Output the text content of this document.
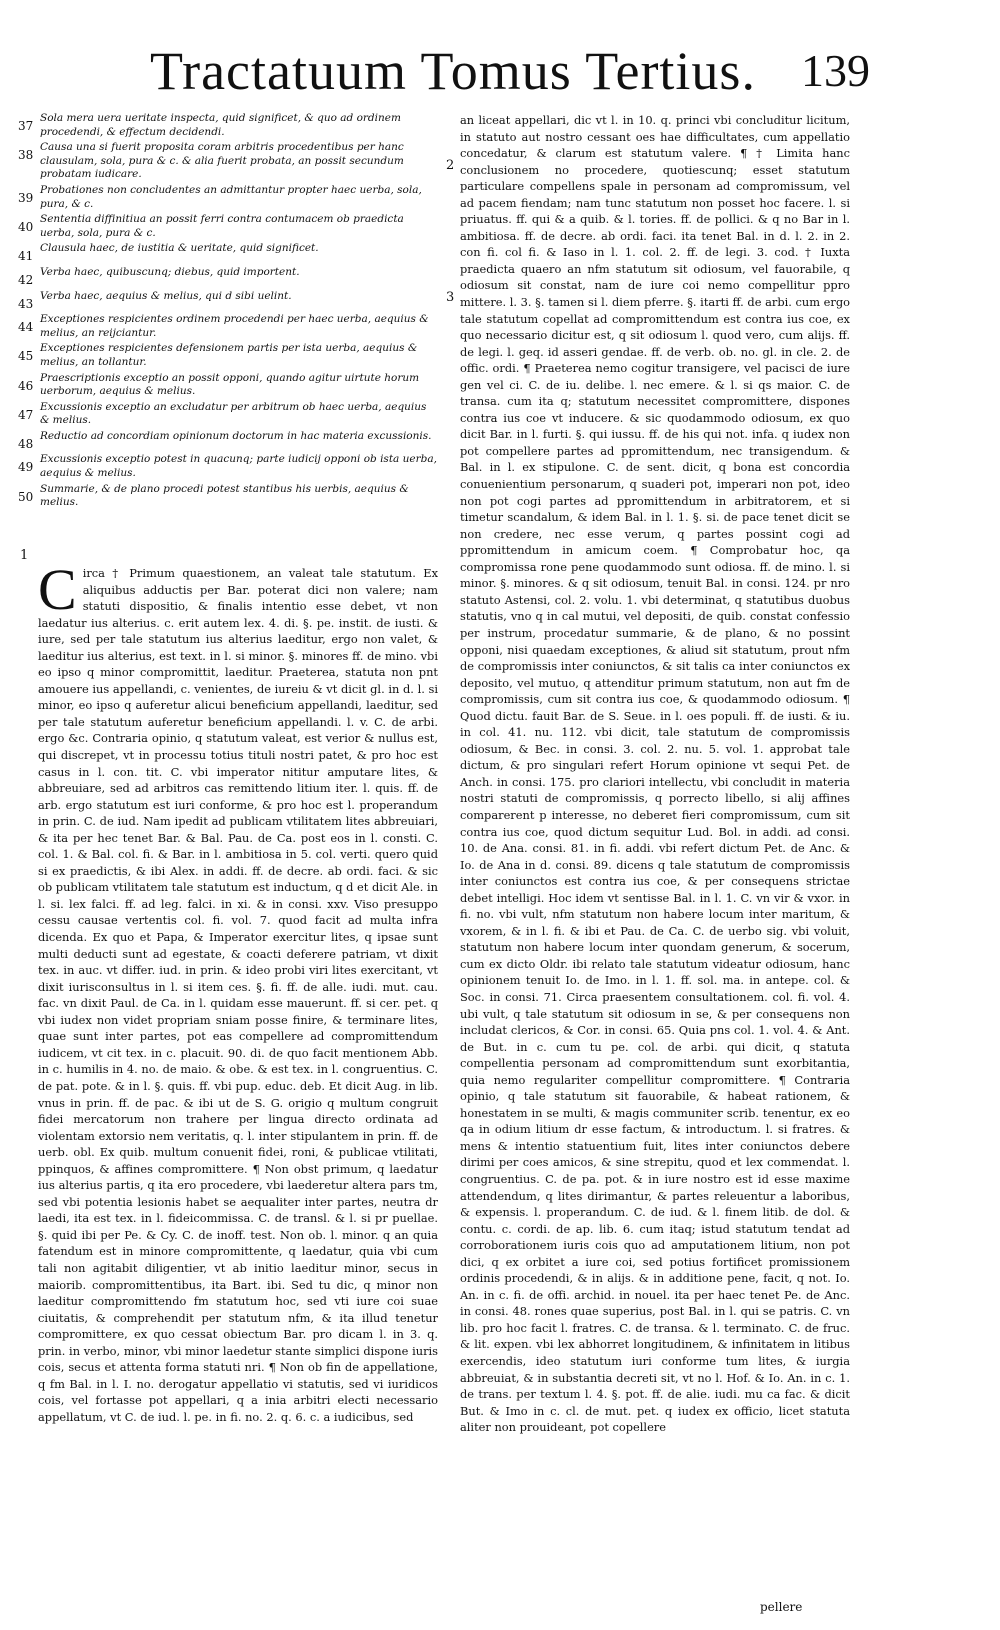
Tractatuum Tomus Tertius. 139
37
Sola mera uera ueritate inspecta, quid significet, & quo ad ordinem procedendi, & effectum decidendi.
38
Causa una si fuerit proposita coram arbitris procedentibus per hanc clausulam, sola, pura & c. & alia fuerit probata, an possit secundum probatam iudicare.
39
Probationes non concludentes an admittantur propter haec uerba, sola, pura, & c.
40
Sententia diffinitiua an possit ferri contra contumacem ob praedicta uerba, sola, pura & c.
41
Clausula haec, de iustitia & ueritate, quid significet.
42
Verba haec, quibuscunq; diebus, quid importent.
43
Verba haec, aequius & melius, qui d sibi uelint.
44
Exceptiones respicientes ordinem procedendi per haec uerba, aequius & melius, an reijciantur.
45
Exceptiones respicientes defensionem partis per ista uerba, aequius & melius, an tollantur.
46
Praescriptionis exceptio an possit opponi, quando agitur uirtute horum uerborum, aequius & melius.
47
Excussionis exceptio an excludatur per arbitrum ob haec uerba, aequius & melius.
48
Reductio ad concordiam opinionum doctorum in hac materia excussionis.
49
Excussionis exceptio potest in quacunq; parte iudicij opponi ob ista uerba, aequius & melius.
50
Summarie, & de plano procedi potest stantibus his uerbis, aequius & melius.
1
C irca † Primum quaestionem, an valeat tale statutum. Ex aliquibus adductis per Bar. poterat dici non valere; nam statuti dispositio, & finalis intentio esse debet, vt non laedatur ius alterius. c. erit autem lex. 4. di. §. pe. instit. de iusti. & iure, sed per tale statutum ius alterius laeditur, ergo non valet, & laeditur ius alterius, est text. in l. si minor. §. minores ff. de mino. vbi eo ipso q minor compromittit, laeditur. Praeterea, statuta non pnt amouere ius appellandi, c. venientes, de iureiu & vt dicit gl. in d. l. si minor, eo ipso q auferetur alicui beneficium appellandi, laeditur, sed per tale statutum auferetur beneficium appellandi. l. v. C. de arbi. ergo &c. Contraria opinio, q statutum valeat, est verior & nullus est, qui discrepet, vt in processu totius tituli nostri patet, & pro hoc est casus in l. con. tit. C. vbi imperator nititur amputare lites, & abbreuiare, sed ad arbitros cas remittendo litium iter. l. quis. ff. de arb. ergo statutum est iuri conforme, & pro hoc est l. properandum in prin. C. de iud. Nam ipedit ad publicam vtilitatem lites abbreuiari, & ita per hec tenet Bar. & Bal. Pau. de Ca. post eos in l. consti. C. col. 1. & Bal. col. fi. & Bar. in l. ambitiosa in 5. col. verti. quero quid si ex praedictis, & ibi Alex. in addi. ff. de decre. ab ordi. faci. & sic ob publicam vtilitatem tale statutum est inductum, q d et dicit Ale. in l. si. lex falci. ff. ad leg. falci. in xi. & in consi. xxv. Viso presuppo cessu causae vertentis col. fi. vol. 7. quod facit ad multa infra dicenda. Ex quo et Papa, & Imperator exercitur lites, q ipsae sunt multi deducti sunt ad egestate, & coacti deferere patriam, vt dixit tex. in auc. vt differ. iud. in prin. & ideo probi viri lites exercitant, vt dixit iurisconsultus in l. si item ces. §. fi. ff. de alle. iudi. mut. cau. fac. vn dixit Paul. de Ca. in l. quidam esse mauerunt. ff. si cer. pet. q vbi iudex non videt propriam sniam posse finire, & terminare lites, quae sunt inter partes, pot eas compellere ad compromittendum iudicem, vt cit tex. in c. placuit. 90. di. de quo facit mentionem Abb. in c. humilis in 4. no. de maio. & obe. & est tex. in l. congruentius. C. de pat. pote. & in l. §. quis. ff. vbi pup. educ. deb. Et dicit Aug. in lib. vnus in prin. ff. de pac. & ibi ut de S. G. origio q multum congruit fidei mercatorum non trahere per lingua directo ordinata ad violentam extorsio nem veritatis, q. l. inter stipulantem in prin. ff. de uerb. obl. Ex quib. multum conuenit fidei, roni, & publicae vtilitati, ppinquos, & affines compromittere. ¶ Non obst primum, q laedatur ius alterius partis, q ita ero procedere, vbi laederetur altera pars tm, sed vbi potentia lesionis habet se aequaliter inter partes, neutra dr laedi, ita est tex. in l. fideicommissa. C. de transl. & l. si pr puellae. §. quid ibi per Pe. & Cy. C. de inoff. test. Non ob. l. minor. q an quia fatendum est in minore compromittente, q laedatur, quia vbi cum tali non agitabit diligentier, vt ab initio laeditur minor, secus in maiorib. compromittentibus, ita Bart. ibi. Sed tu dic, q minor non laeditur compromittendo fm statutum hoc, sed vti iure coi suae ciuitatis, & comprehendit per statutum nfm, & ita illud tenetur compromittere, ex quo cessat obiectum Bar. pro dicam l. in 3. q. prin. in verbo, minor, vbi minor laedetur stante simplici dispone iuris cois, secus et attenta forma statuti nri. ¶ Non ob fin de appellatione, q fm Bal. in l. I. no. derogatur appellatio vi statutis, sed vi iuridicos cois, vel fortasse pot appellari, q a inia arbitri electi necessario appellatum, vt C. de iud. l. pe. in fi. no. 2. q. 6. c. a iudicibus, sed
2
3
an liceat appellari, dic vt l. in 10. q. princi vbi concluditur licitum, in statuto aut nostro cessant oes hae difficultates, cum appellatio concedatur, & clarum est statutum valere. ¶ † Limita hanc conclusionem no procedere, quotiescunq; esset statutum particulare compellens spale in personam ad compromissum, vel ad pacem fiendam; nam tunc statutum non posset hoc facere. l. si priuatus. ff. qui & a quib. & l. tories. ff. de pollici. & q no Bar in l. ambitiosa. ff. de decre. ab ordi. faci. ita tenet Bal. in d. l. 2. in 2. con fi. col fi. & Iaso in l. 1. col. 2. ff. de legi. 3. cod. † Iuxta praedicta quaero an nfm statutum sit odiosum, vel fauorabile, q odiosum sit constat, nam de iure coi nemo compellitur ppro mittere. l. 3. §. tamen si l. diem pferre. §. itarti ff. de arbi. cum ergo tale statutum copellat ad compromittendum est contra ius coe, ex quo necessario dicitur est, q sit odiosum l. quod vero, cum alijs. ff. de legi. l. geq. id asseri gendae. ff. de verb. ob. no. gl. in cle. 2. de offic. ordi. ¶ Praeterea nemo cogitur transigere, vel pacisci de iure gen vel ci. C. de iu. delibe. l. nec emere. & l. si qs maior. C. de transa. cum ita q; statutum necessitet compromittere, dispones contra ius coe vt inducere. & sic quodammodo odiosum, ex quo dicit Bar. in l. furti. §. qui iussu. ff. de his qui not. infa. q iudex non pot compellere partes ad ppromittendum, nec transigendum. & Bal. in l. ex stipulone. C. de sent. dicit, q bona est concordia conuenientium personarum, q suaderi pot, imperari non pot, ideo non pot cogi partes ad ppromittendum in arbitratorem, et si timetur scandalum, & idem Bal. in l. 1. §. si. de pace tenet dicit se non credere, nec esse verum, q partes possint cogi ad ppromittendum in amicum coem. ¶ Comprobatur hoc, qa compromissa rone pene quodammodo sunt odiosa. ff. de mino. l. si minor. §. minores. & q sit odiosum, tenuit Bal. in consi. 124. pr nro statuto Astensi, col. 2. volu. 1. vbi determinat, q statutibus duobus statutis, vno q in cal mutui, vel depositi, de quib. constat confessio per instrum, procedatur summarie, & de plano, & no possint opponi, nisi quaedam exceptiones, & aliud sit statutum, prout nfm de compromissis inter coniunctos, & sit talis ca inter coniunctos ex deposito, vel mutuo, q attenditur primum statutum, non aut fm de compromissis, cum sit contra ius coe, & quodammodo odiosum. ¶ Quod dictu. fauit Bar. de S. Seue. in l. oes populi. ff. de iusti. & iu. in col. 41. nu. 112. vbi dicit, tale statutum de compromissis odiosum, & Bec. in consi. 3. col. 2. nu. 5. vol. 1. approbat tale dictum, & pro singulari refert Horum opinione vt sequi Pet. de Anch. in consi. 175. pro clariori intellectu, vbi concludit in materia nostri statuti de compromissis, q porrecto libello, si alij affines comparerent p interesse, no deberet fieri compromissum, cum sit contra ius coe, quod dictum sequitur Lud. Bol. in addi. ad consi. 10. de Ana. consi. 81. in fi. addi. vbi refert dictum Pet. de Anc. & Io. de Ana in d. consi. 89. dicens q tale statutum de compromissis inter coniunctos est contra ius coe, & per consequens strictae debet intelligi. Hoc idem vt sentisse Bal. in l. 1. C. vn vir & vxor. in fi. no. vbi vult, nfm statutum non habere locum inter maritum, & vxorem, & in l. fi. & ibi et Pau. de Ca. C. de uerbo sig. vbi voluit, statutum non habere locum inter quondam generum, & socerum, cum ex dicto Oldr. ibi relato tale statutum videatur odiosum, hanc opinionem tenuit Io. de Imo. in l. 1. ff. sol. ma. in antepe. col. & Soc. in consi. 71. Circa praesentem consultationem. col. fi. vol. 4. ubi vult, q tale statutum sit odiosum in se, & per consequens non includat clericos, & Cor. in consi. 65. Quia pns col. 1. vol. 4. & Ant. de But. in c. cum tu pe. col. de arbi. qui dicit, q statuta compellentia personam ad compromittendum sunt exorbitantia, quia nemo regulariter compellitur compromittere. ¶ Contraria opinio, q tale statutum sit fauorabile, & habeat rationem, & honestatem in se multi, & magis communiter scrib. tenentur, ex eo qa in odium litium dr esse factum, & introductum. l. si fratres. & mens & intentio statuentium fuit, lites inter coniunctos debere dirimi per coes amicos, & sine strepitu, quod et lex commendat. l. congruentius. C. de pa. pot. & in iure nostro est id esse maxime attendendum, q lites dirimantur, & partes releuentur a laboribus, & expensis. l. properandum. C. de iud. & l. finem litib. de dol. & contu. c. cordi. de ap. lib. 6. cum itaq; istud statutum tendat ad corroborationem iuris cois quo ad amputationem litium, non pot dici, q ex orbitet a iure coi, sed potius fortificet promissionem ordinis procedendi, & in alijs. & in additione pene, facit, q not. Io. An. in c. fi. de offi. archid. in nouel. ita per haec tenet Pe. de Anc. in consi. 48. rones quae superius, post Bal. in l. qui se patris. C. vn lib. pro hoc facit l. fratres. C. de transa. & l. terminato. C. de fruc. & lit. expen. vbi lex abhorret longitudinem, & infinitatem in litibus exercendis, ideo statutum iuri conforme tum lites, & iurgia abbreuiat, & in substantia decreti sit, vt no l. Hof. & Io. An. in c. 1. de trans. per textum l. 4. §. pot. ff. de alie. iudi. mu ca fac. & dicit But. & Imo in c. cl. de mut. pet. q iudex ex officio, licet statuta aliter non prouideant, pot copellere
pellere
